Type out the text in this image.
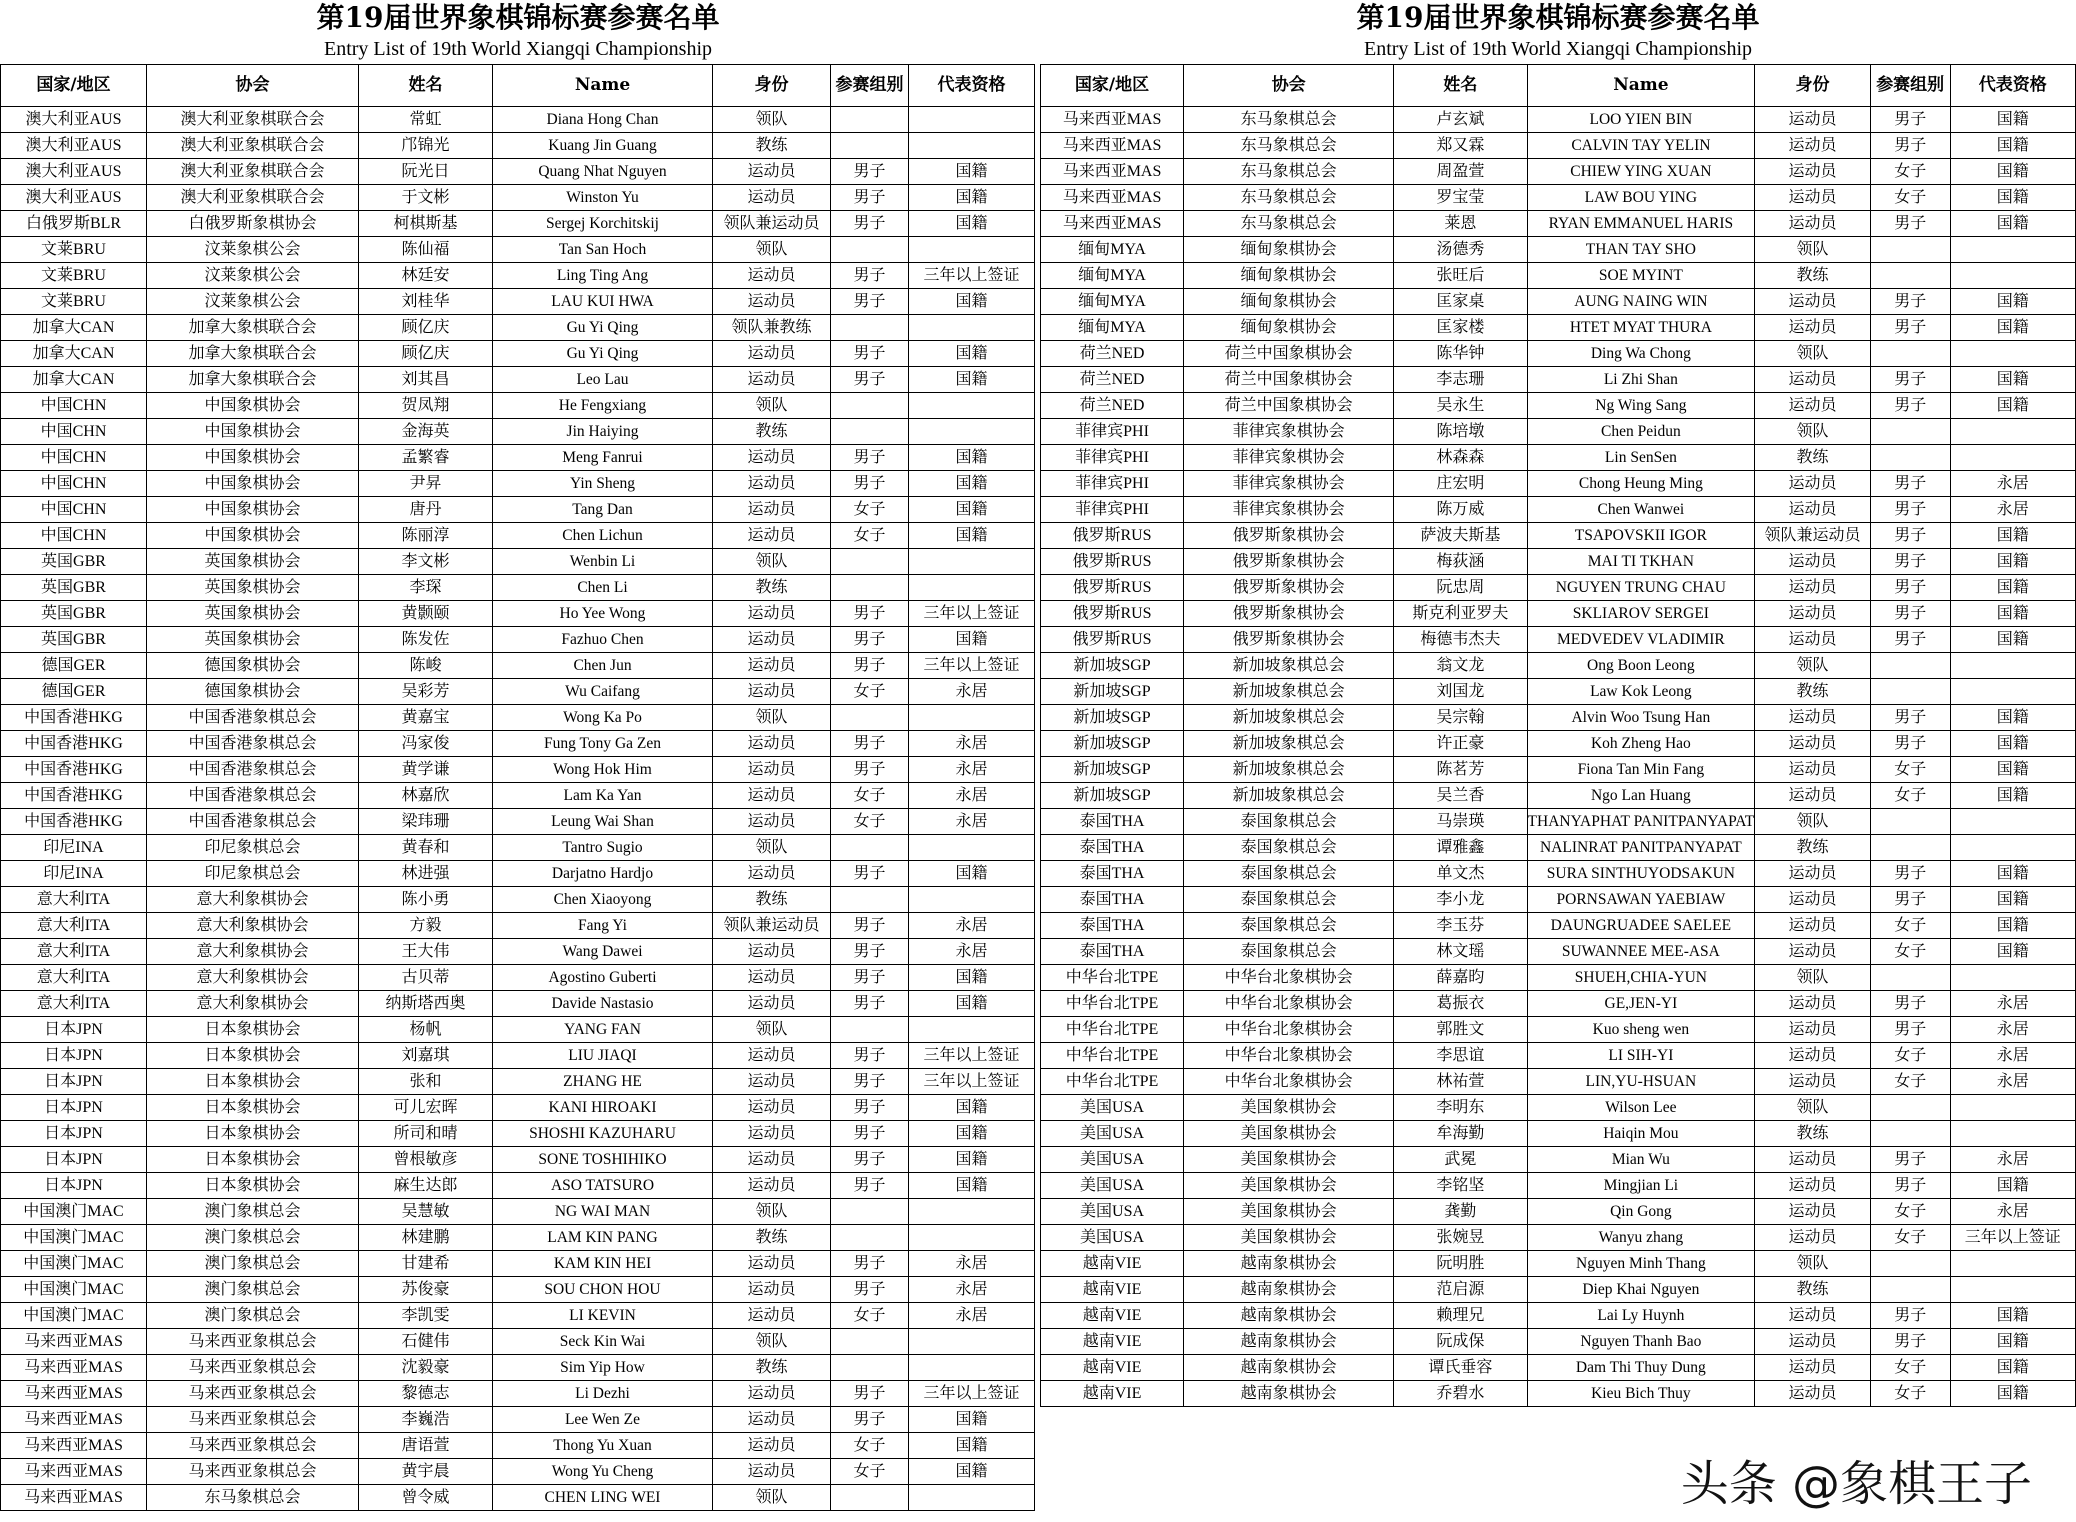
第19届世界象棋锦标赛参赛名单
Entry List of 19th World Xiangqi Championship
国家/地区	协会	姓名	Name	身份	参赛组别	代表资格
澳大利亚AUS	澳大利亚象棋联合会	常虹	Diana Hong Chan	领队		
澳大利亚AUS	澳大利亚象棋联合会	邝锦光	Kuang Jin Guang	教练		
澳大利亚AUS	澳大利亚象棋联合会	阮光日	Quang Nhat Nguyen	运动员	男子	国籍
澳大利亚AUS	澳大利亚象棋联合会	于文彬	Winston Yu	运动员	男子	国籍
白俄罗斯BLR	白俄罗斯象棋协会	柯棋斯基	Sergej Korchitskij	领队兼运动员	男子	国籍
文莱BRU	汶莱象棋公会	陈仙福	Tan San Hoch	领队		
文莱BRU	汶莱象棋公会	林廷安	Ling Ting Ang	运动员	男子	三年以上签证
文莱BRU	汶莱象棋公会	刘桂华	LAU KUI HWA	运动员	男子	国籍
加拿大CAN	加拿大象棋联合会	顾亿庆	Gu Yi Qing	领队兼教练		
加拿大CAN	加拿大象棋联合会	顾亿庆	Gu Yi Qing	运动员	男子	国籍
加拿大CAN	加拿大象棋联合会	刘其昌	Leo Lau	运动员	男子	国籍
中国CHN	中国象棋协会	贺凤翔	He Fengxiang	领队		
中国CHN	中国象棋协会	金海英	Jin Haiying	教练		
中国CHN	中国象棋协会	孟繁睿	Meng Fanrui	运动员	男子	国籍
中国CHN	中国象棋协会	尹昇	Yin Sheng	运动员	男子	国籍
中国CHN	中国象棋协会	唐丹	Tang Dan	运动员	女子	国籍
中国CHN	中国象棋协会	陈丽淳	Chen Lichun	运动员	女子	国籍
英国GBR	英国象棋协会	李文彬	Wenbin Li	领队		
英国GBR	英国象棋协会	李琛	Chen Li	教练		
英国GBR	英国象棋协会	黄颢颐	Ho Yee Wong	运动员	男子	三年以上签证
英国GBR	英国象棋协会	陈发佐	Fazhuo Chen	运动员	男子	国籍
德国GER	德国象棋协会	陈峻	Chen Jun	运动员	男子	三年以上签证
德国GER	德国象棋协会	吴彩芳	Wu Caifang	运动员	女子	永居
中国香港HKG	中国香港象棋总会	黄嘉宝	Wong Ka Po	领队		
中国香港HKG	中国香港象棋总会	冯家俊	Fung Tony Ga Zen	运动员	男子	永居
中国香港HKG	中国香港象棋总会	黄学谦	Wong Hok Him	运动员	男子	永居
中国香港HKG	中国香港象棋总会	林嘉欣	Lam Ka Yan	运动员	女子	永居
中国香港HKG	中国香港象棋总会	梁玮珊	Leung Wai Shan	运动员	女子	永居
印尼INA	印尼象棋总会	黄春和	Tantro Sugio	领队		
印尼INA	印尼象棋总会	林进强	Darjatno Hardjo	运动员	男子	国籍
意大利ITA	意大利象棋协会	陈小勇	Chen Xiaoyong	教练		
意大利ITA	意大利象棋协会	方毅	Fang Yi	领队兼运动员	男子	永居
意大利ITA	意大利象棋协会	王大伟	Wang Dawei	运动员	男子	永居
意大利ITA	意大利象棋协会	古贝蒂	Agostino Guberti	运动员	男子	国籍
意大利ITA	意大利象棋协会	纳斯塔西奥	Davide Nastasio	运动员	男子	国籍
日本JPN	日本象棋协会	杨帆	YANG FAN	领队		
日本JPN	日本象棋协会	刘嘉琪	LIU JIAQI	运动员	男子	三年以上签证
日本JPN	日本象棋协会	张和	ZHANG HE	运动员	男子	三年以上签证
日本JPN	日本象棋协会	可儿宏晖	KANI HIROAKI	运动员	男子	国籍
日本JPN	日本象棋协会	所司和晴	SHOSHI KAZUHARU	运动员	男子	国籍
日本JPN	日本象棋协会	曾根敏彦	SONE TOSHIHIKO	运动员	男子	国籍
日本JPN	日本象棋协会	麻生达郎	ASO TATSURO	运动员	男子	国籍
中国澳门MAC	澳门象棋总会	吴慧敏	NG WAI MAN	领队		
中国澳门MAC	澳门象棋总会	林建鹏	LAM KIN PANG	教练		
中国澳门MAC	澳门象棋总会	甘建希	KAM KIN HEI	运动员	男子	永居
中国澳门MAC	澳门象棋总会	苏俊豪	SOU CHON HOU	运动员	男子	永居
中国澳门MAC	澳门象棋总会	李凯雯	LI KEVIN	运动员	女子	永居
马来西亚MAS	马来西亚象棋总会	石健伟	Seck Kin Wai	领队		
马来西亚MAS	马来西亚象棋总会	沈毅豪	Sim Yip How	教练		
马来西亚MAS	马来西亚象棋总会	黎德志	Li Dezhi	运动员	男子	三年以上签证
马来西亚MAS	马来西亚象棋总会	李巍浩	Lee Wen Ze	运动员	男子	国籍
马来西亚MAS	马来西亚象棋总会	唐语萱	Thong Yu Xuan	运动员	女子	国籍
马来西亚MAS	马来西亚象棋总会	黄宇晨	Wong Yu Cheng	运动员	女子	国籍
马来西亚MAS	东马象棋总会	曾令威	CHEN LING WEI	领队		
第19届世界象棋锦标赛参赛名单
Entry List of 19th World Xiangqi Championship
国家/地区	协会	姓名	Name	身份	参赛组别	代表资格
马来西亚MAS	东马象棋总会	卢玄斌	LOO YIEN BIN	运动员	男子	国籍
马来西亚MAS	东马象棋总会	郑又霖	CALVIN TAY YELIN	运动员	男子	国籍
马来西亚MAS	东马象棋总会	周盈萱	CHIEW YING XUAN	运动员	女子	国籍
马来西亚MAS	东马象棋总会	罗宝莹	LAW BOU YING	运动员	女子	国籍
马来西亚MAS	东马象棋总会	莱恩	RYAN EMMANUEL HARIS	运动员	男子	国籍
缅甸MYA	缅甸象棋协会	汤德秀	THAN TAY SHO	领队		
缅甸MYA	缅甸象棋协会	张旺后	SOE MYINT	教练		
缅甸MYA	缅甸象棋协会	匡家桌	AUNG NAING WIN	运动员	男子	国籍
缅甸MYA	缅甸象棋协会	匡家楼	HTET MYAT THURA	运动员	男子	国籍
荷兰NED	荷兰中国象棋协会	陈华钟	Ding Wa Chong	领队		
荷兰NED	荷兰中国象棋协会	李志珊	Li Zhi Shan	运动员	男子	国籍
荷兰NED	荷兰中国象棋协会	吴永生	Ng Wing Sang	运动员	男子	国籍
菲律宾PHI	菲律宾象棋协会	陈培墩	Chen Peidun	领队		
菲律宾PHI	菲律宾象棋协会	林森森	Lin SenSen	教练		
菲律宾PHI	菲律宾象棋协会	庄宏明	Chong Heung Ming	运动员	男子	永居
菲律宾PHI	菲律宾象棋协会	陈万威	Chen Wanwei	运动员	男子	永居
俄罗斯RUS	俄罗斯象棋协会	萨波夫斯基	TSAPOVSKII IGOR	领队兼运动员	男子	国籍
俄罗斯RUS	俄罗斯象棋协会	梅荻涵	MAI TI TKHAN	运动员	男子	国籍
俄罗斯RUS	俄罗斯象棋协会	阮忠周	NGUYEN TRUNG CHAU	运动员	男子	国籍
俄罗斯RUS	俄罗斯象棋协会	斯克利亚罗夫	SKLIAROV SERGEI	运动员	男子	国籍
俄罗斯RUS	俄罗斯象棋协会	梅德韦杰夫	MEDVEDEV VLADIMIR	运动员	男子	国籍
新加坡SGP	新加坡象棋总会	翁文龙	Ong Boon Leong	领队		
新加坡SGP	新加坡象棋总会	刘国龙	Law Kok Leong	教练		
新加坡SGP	新加坡象棋总会	吴宗翰	Alvin Woo Tsung Han	运动员	男子	国籍
新加坡SGP	新加坡象棋总会	许正豪	Koh Zheng Hao	运动员	男子	国籍
新加坡SGP	新加坡象棋总会	陈茗芳	Fiona Tan Min Fang	运动员	女子	国籍
新加坡SGP	新加坡象棋总会	吴兰香	Ngo Lan Huang	运动员	女子	国籍
泰国THA	泰国象棋总会	马崇瑛	THANYAPHAT PANITPANYAPAT	领队		
泰国THA	泰国象棋总会	谭雅鑫	NALINRAT PANITPANYAPAT	教练		
泰国THA	泰国象棋总会	单文杰	SURA SINTHUYODSAKUN	运动员	男子	国籍
泰国THA	泰国象棋总会	李小龙	PORNSAWAN YAEBIAW	运动员	男子	国籍
泰国THA	泰国象棋总会	李玉芬	DAUNGRUADEE SAELEE	运动员	女子	国籍
泰国THA	泰国象棋总会	林文瑶	SUWANNEE MEE-ASA	运动员	女子	国籍
中华台北TPE	中华台北象棋协会	薛嘉昀	SHUEH,CHIA-YUN	领队		
中华台北TPE	中华台北象棋协会	葛振衣	GE,JEN-YI	运动员	男子	永居
中华台北TPE	中华台北象棋协会	郭胜文	Kuo sheng wen	运动员	男子	永居
中华台北TPE	中华台北象棋协会	李思谊	LI SIH-YI	运动员	女子	永居
中华台北TPE	中华台北象棋协会	林祐萱	LIN,YU-HSUAN	运动员	女子	永居
美国USA	美国象棋协会	李明东	Wilson Lee	领队		
美国USA	美国象棋协会	牟海勤	Haiqin Mou	教练		
美国USA	美国象棋协会	武冕	Mian Wu	运动员	男子	永居
美国USA	美国象棋协会	李铭坚	Mingjian Li	运动员	男子	国籍
美国USA	美国象棋协会	龚勤	Qin Gong	运动员	女子	永居
美国USA	美国象棋协会	张婉昱	Wanyu zhang	运动员	女子	三年以上签证
越南VIE	越南象棋协会	阮明胜	Nguyen Minh Thang	领队		
越南VIE	越南象棋协会	范启源	Diep Khai Nguyen	教练		
越南VIE	越南象棋协会	赖理兄	Lai Ly Huynh	运动员	男子	国籍
越南VIE	越南象棋协会	阮成保	Nguyen Thanh Bao	运动员	男子	国籍
越南VIE	越南象棋协会	谭氏垂容	Dam Thi Thuy Dung	运动员	女子	国籍
越南VIE	越南象棋协会	乔碧水	Kieu Bich Thuy	运动员	女子	国籍
头条 @象棋王子
